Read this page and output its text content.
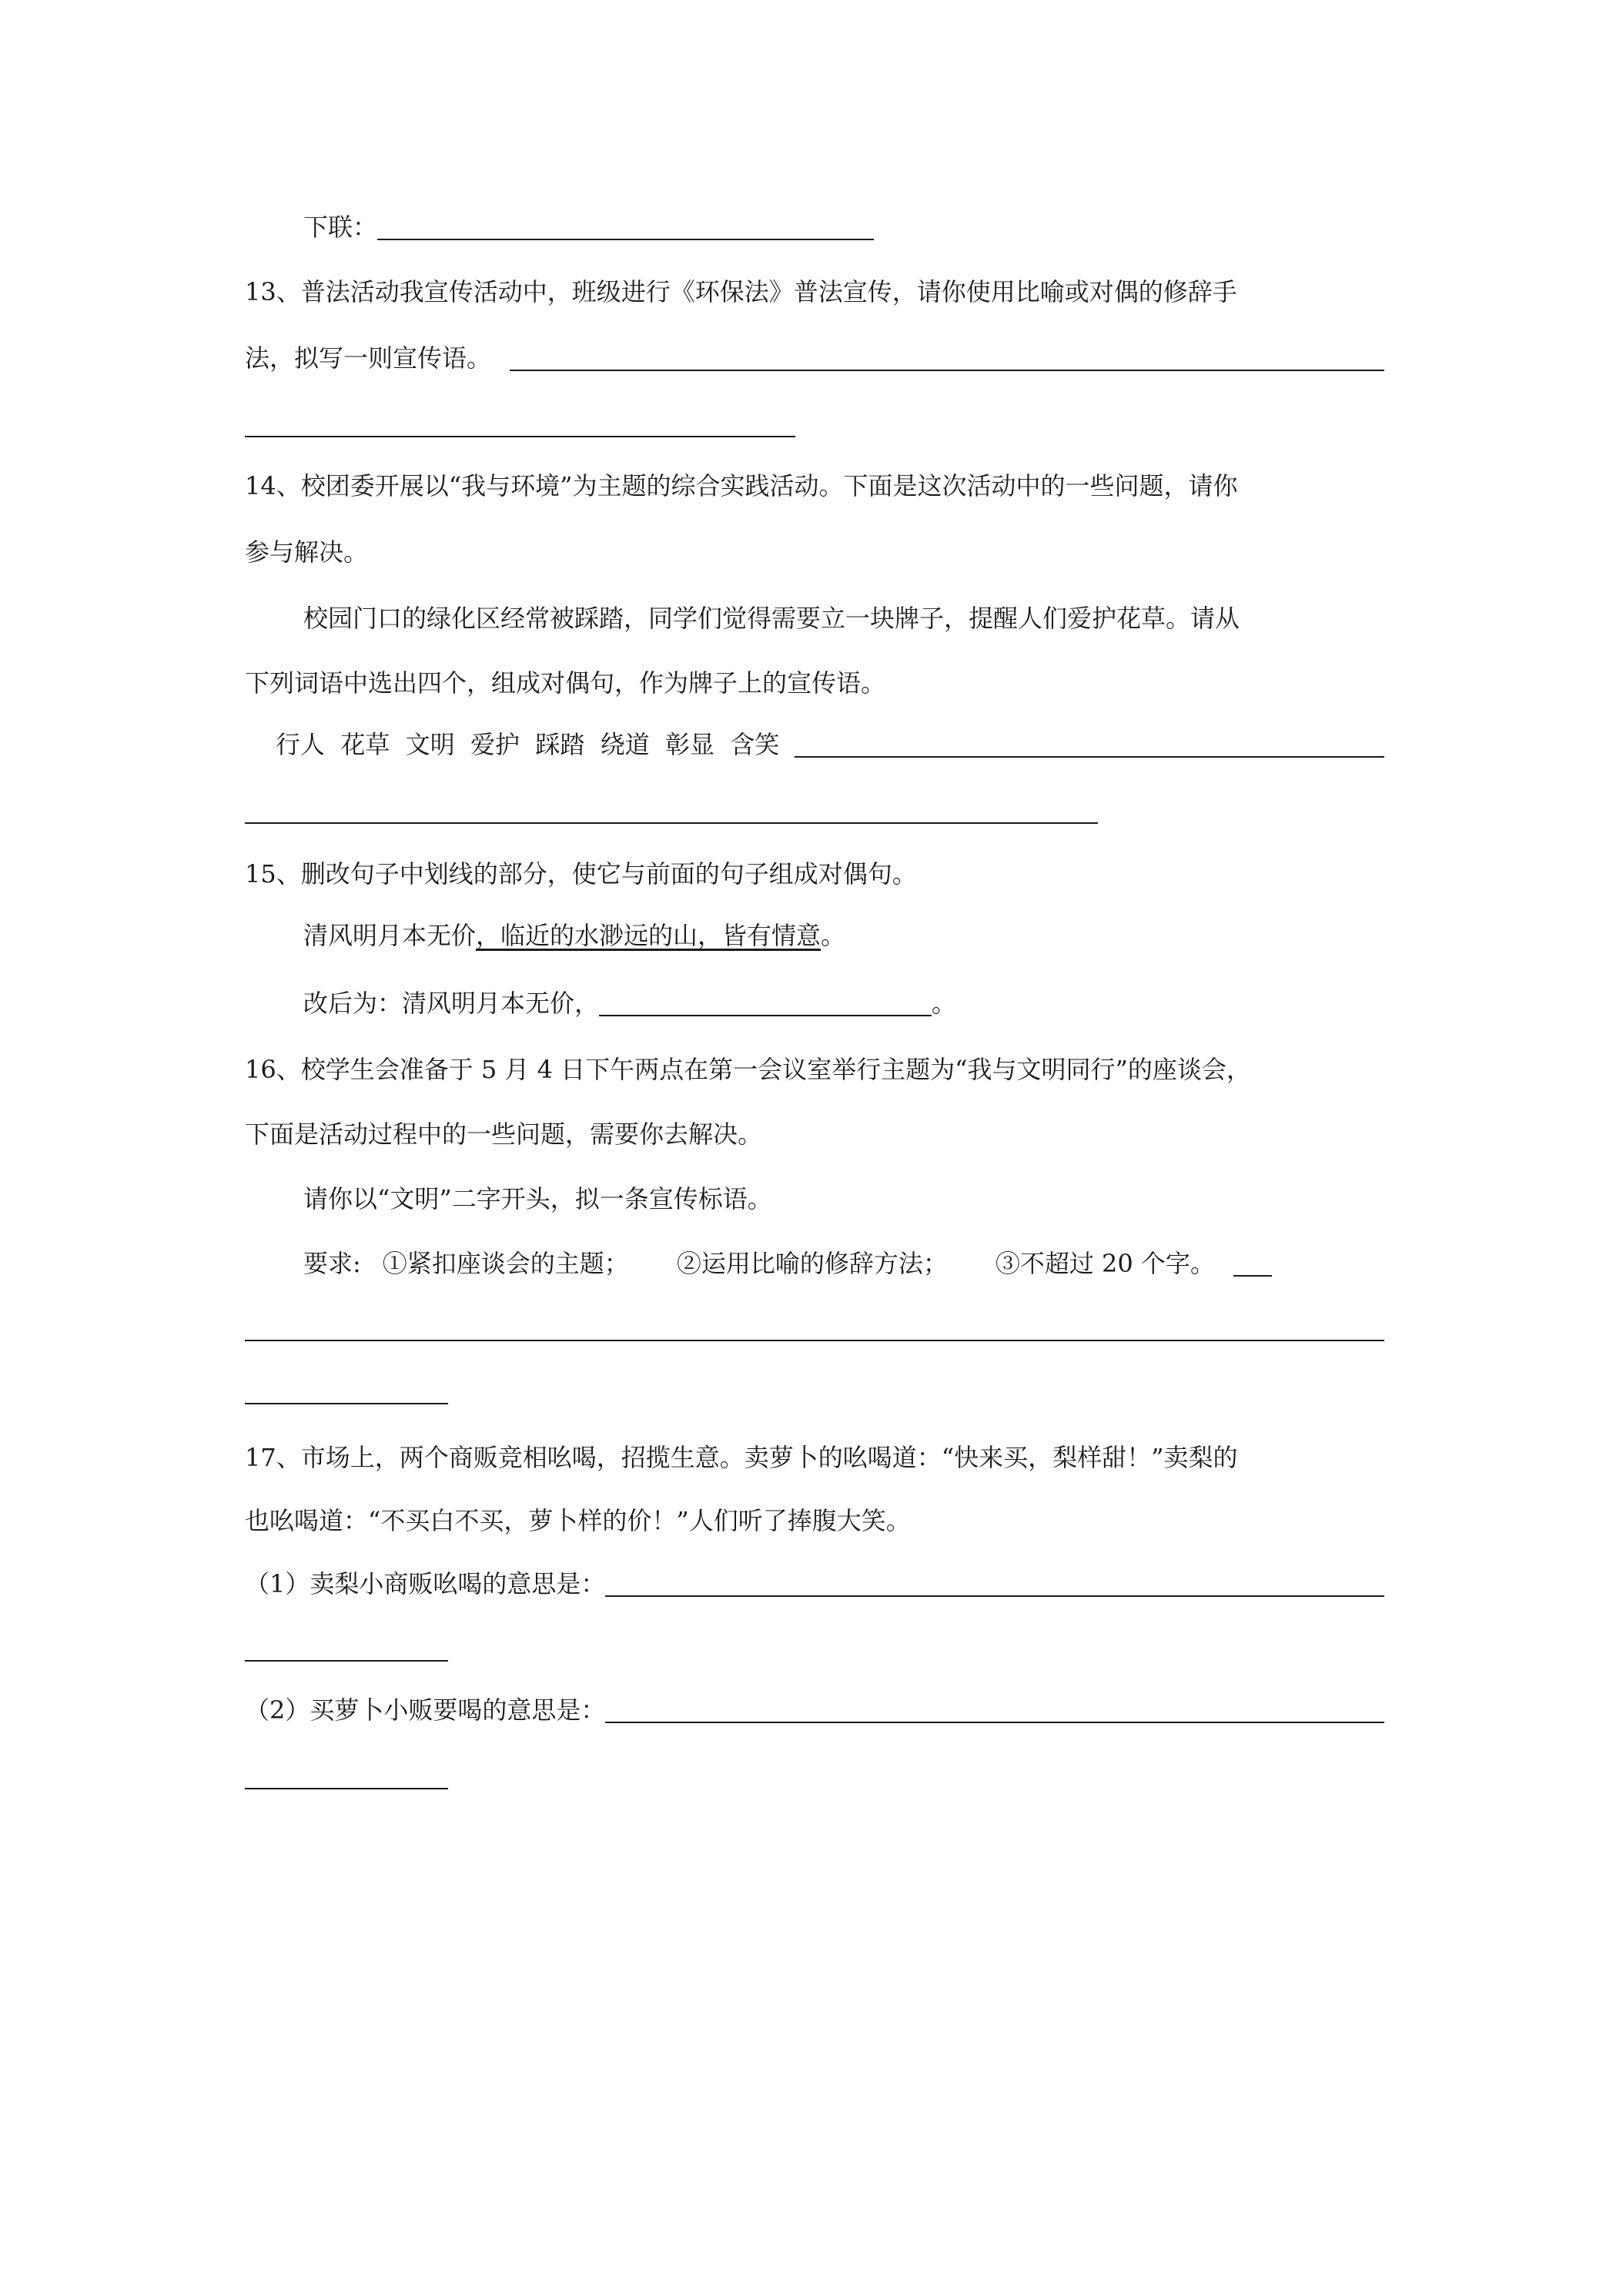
下联：
13、普法活动我宣传活动中，班级进行《环保法》普法宣传，请你使用比喻或对偶的修辞手
法，拟写一则宣传语。
14、校团委开展以“我与环境”为主题的综合实践活动。下面是这次活动中的一些问题，请你
参与解决。
校园门口的绿化区经常被踩踏，同学们觉得需要立一块牌子，提醒人们爱护花草。请从
下列词语中选出四个，组成对偶句，作为牌子上的宣传语。
行人  花草  文明  爱护  踩踏  绕道  彰显  含笑
15、删改句子中划线的部分，使它与前面的句子组成对偶句。
清风明月本无价 ，临近的水渺远的山，皆有情意 。
改后为：清风明月本无价，	。
16、校学生会准备于 5 月 4 日下午两点在第一会议室举行主题为“我与文明同行”的座谈会，
下面是活动过程中的一些问题，需要你去解决。
请你以“文明”二字开头，拟一条宣传标语。
要求: ①紧扣座谈会的主题； ②运用比喻的修辞方法； ③不超过 20 个字。
17、市场上，两个商贩竞相吆喝，招揽生意。卖萝卜的吆喝道：“快来买，梨样甜！”卖梨的
也吆喝道：“不买白不买，萝卜样的价！”人们听了捧腹大笑。
（1）卖梨小商贩吆喝的意思是：
（2）买萝卜小贩要喝的意思是：
